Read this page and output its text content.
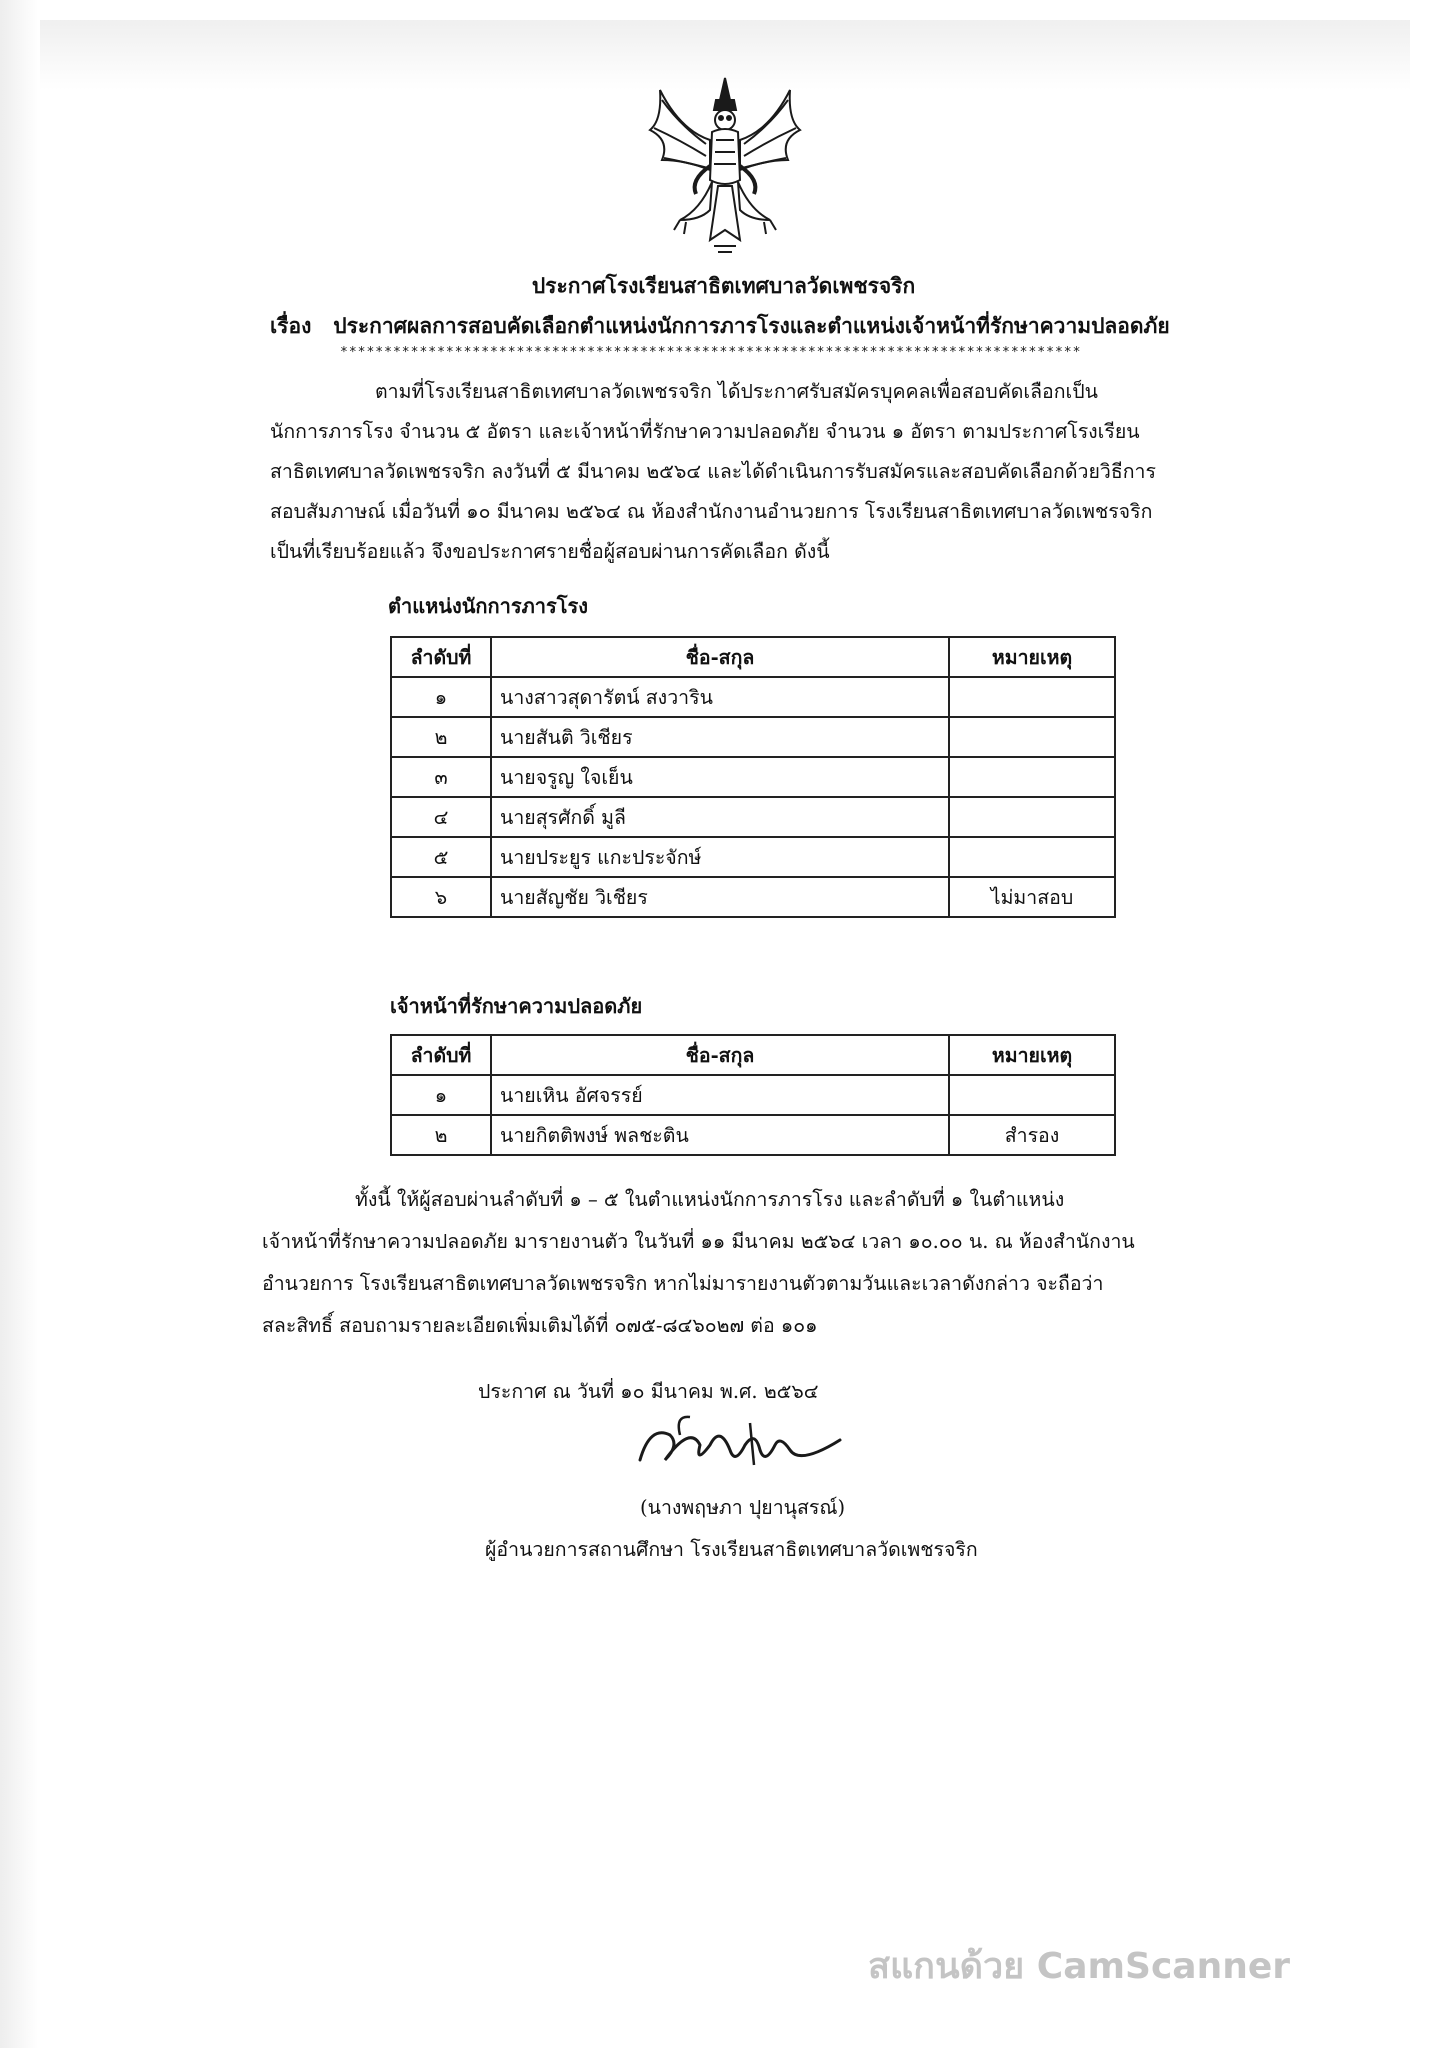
ประกาศโรงเรียนสาธิตเทศบาลวัดเพชรจริก
เรื่อง ประกาศผลการสอบคัดเลือกตำแหน่งนักการภารโรงและตำแหน่งเจ้าหน้าที่รักษาความปลอดภัย
************************************************************************************
ตามที่โรงเรียนสาธิตเทศบาลวัดเพชรจริก ได้ประกาศรับสมัครบุคคลเพื่อสอบคัดเลือกเป็น
นักการภารโรง จำนวน ๕ อัตรา และเจ้าหน้าที่รักษาความปลอดภัย จำนวน ๑ อัตรา ตามประกาศโรงเรียน
สาธิตเทศบาลวัดเพชรจริก ลงวันที่ ๕ มีนาคม ๒๕๖๔ และได้ดำเนินการรับสมัครและสอบคัดเลือกด้วยวิธีการ
สอบสัมภาษณ์ เมื่อวันที่ ๑๐ มีนาคม ๒๕๖๔ ณ ห้องสำนักงานอำนวยการ โรงเรียนสาธิตเทศบาลวัดเพชรจริก
เป็นที่เรียบร้อยแล้ว จึงขอประกาศรายชื่อผู้สอบผ่านการคัดเลือก ดังนี้
ตำแหน่งนักการภารโรง
ลำดับที่	ชื่อ-สกุล	หมายเหตุ
๑	นางสาวสุดารัตน์ สงวาริน	
๒	นายสันติ วิเชียร	
๓	นายจรูญ ใจเย็น	
๔	นายสุรศักดิ์ มูลี	
๕	นายประยูร แกะประจักษ์	
๖	นายสัญชัย วิเชียร	ไม่มาสอบ
เจ้าหน้าที่รักษาความปลอดภัย
ลำดับที่	ชื่อ-สกุล	หมายเหตุ
๑	นายเหิน อัศจรรย์	
๒	นายกิตติพงษ์ พลชะติน	สำรอง
ทั้งนี้ ให้ผู้สอบผ่านลำดับที่ ๑ – ๕ ในตำแหน่งนักการภารโรง และลำดับที่ ๑ ในตำแหน่ง
เจ้าหน้าที่รักษาความปลอดภัย มารายงานตัว ในวันที่ ๑๑ มีนาคม ๒๕๖๔ เวลา ๑๐.๐๐ น. ณ ห้องสำนักงาน
อำนวยการ โรงเรียนสาธิตเทศบาลวัดเพชรจริก หากไม่มารายงานตัวตามวันและเวลาดังกล่าว จะถือว่า
สละสิทธิ์ สอบถามรายละเอียดเพิ่มเติมได้ที่ ๐๗๕-๘๔๖๐๒๗ ต่อ ๑๐๑
ประกาศ ณ วันที่ ๑๐ มีนาคม พ.ศ. ๒๕๖๔
(นางพฤษภา ปุยานุสรณ์)
ผู้อำนวยการสถานศึกษา โรงเรียนสาธิตเทศบาลวัดเพชรจริก
สแกนด้วย CamScanner
